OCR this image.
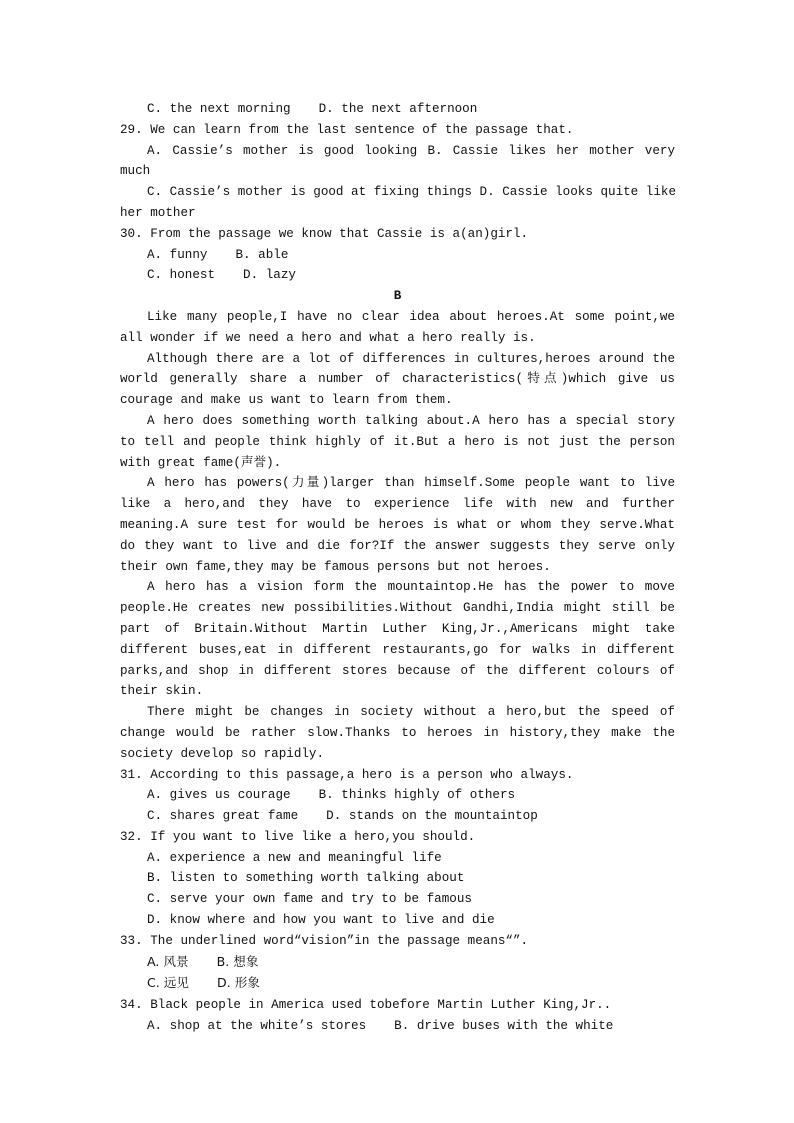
C. the next morning D. the next afternoon
29. We can learn from the last sentence of the passage that.
A. Cassie’s mother is good looking B. Cassie likes her mother very
much
C. Cassie’s mother is good at fixing things D. Cassie looks quite like
her mother
30. From the passage we know that Cassie is a(an)girl.
A. funny B. able
C. honest D. lazy
B

Like many people,I have no clear idea about heroes.At some point,we all wonder if we need a hero and what a hero really is.

Although there are a lot of differences in cultures,heroes around the world generally share a number of characteristics(特点)which give us courage and make us want to learn from them.

A hero does something worth talking about.A hero has a special story to tell and people think highly of it.But a hero is not just the person with great fame(声誉).

A hero has powers(力量)larger than himself.Some people want to live like a hero,and they have to experience life with new and further meaning.A sure test for would be heroes is what or whom they serve.What do they want to live and die for?If the answer suggests they serve only their own fame,they may be famous persons but not heroes.

A hero has a vision form the mountaintop.He has the power to move people.He creates new possibilities.Without Gandhi,India might still be part of Britain.Without Martin Luther King,Jr.,Americans might take different buses,eat in different restaurants,go for walks in different parks,and shop in different stores because of the different colours of their skin.

There might be changes in society without a hero,but the speed of change would be rather slow.Thanks to heroes in history,they make the society develop so rapidly.

31. According to this passage,a hero is a person who always.
A. gives us courage B. thinks highly of others
C. shares great fame D. stands on the mountaintop
32. If you want to live like a hero,you should.
A. experience a new and meaningful life
B. listen to something worth talking about
C. serve your own fame and try to be famous
D. know where and how you want to live and die
33. The underlined word“vision”in the passage means“”.
A. 风景 B. 想象
C. 远见 D. 形象
34. Black people in America used tobefore Martin Luther King,Jr..
A. shop at the white’s stores B. drive buses with the white
